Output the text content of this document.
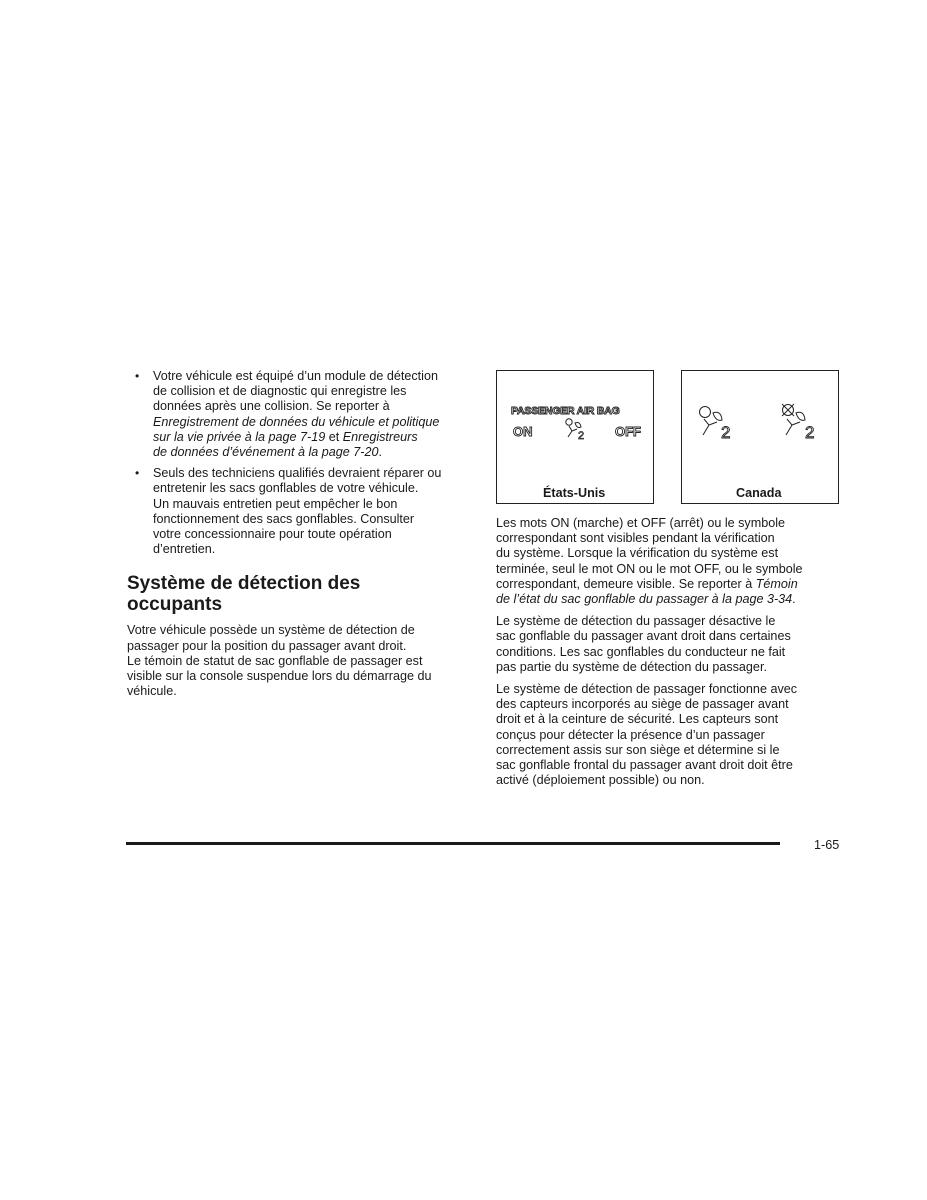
• Votre véhicule est équipé d’un module de détection
de collision et de diagnostic qui enregistre les
données après une collision. Se reporter à
Enregistrement de données du véhicule et politique
sur la vie privée à la page 7-19 et Enregistreurs
de données d’événement à la page 7-20.
• Seuls des techniciens qualifiés devraient réparer ou
entretenir les sacs gonflables de votre véhicule.
Un mauvais entretien peut empêcher le bon
fonctionnement des sacs gonflables. Consulter
votre concessionnaire pour toute opération
d’entretien.
Système de détection des
occupants

Votre véhicule possède un système de détection de
passager pour la position du passager avant droit.
Le témoin de statut de sac gonflable de passager est
visible sur la console suspendue lors du démarrage du
véhicule.

PASSENGER AIR BAG
ON	2 OFF	2	2
États-Unis	Canada

Les mots ON (marche) et OFF (arrêt) ou le symbole
correspondant sont visibles pendant la vérification
du système. Lorsque la vérification du système est
terminée, seul le mot ON ou le mot OFF, ou le symbole
correspondant, demeure visible. Se reporter à Témoin
de l’état du sac gonflable du passager à la page 3-34.

Le système de détection du passager désactive le
sac gonflable du passager avant droit dans certaines
conditions. Les sac gonflables du conducteur ne fait
pas partie du système de détection du passager.

Le système de détection de passager fonctionne avec
des capteurs incorporés au siège de passager avant
droit et à la ceinture de sécurité. Les capteurs sont
conçus pour détecter la présence d’un passager
correctement assis sur son siège et détermine si le
sac gonflable frontal du passager avant droit doit être
activé (déploiement possible) ou non.

1-65
